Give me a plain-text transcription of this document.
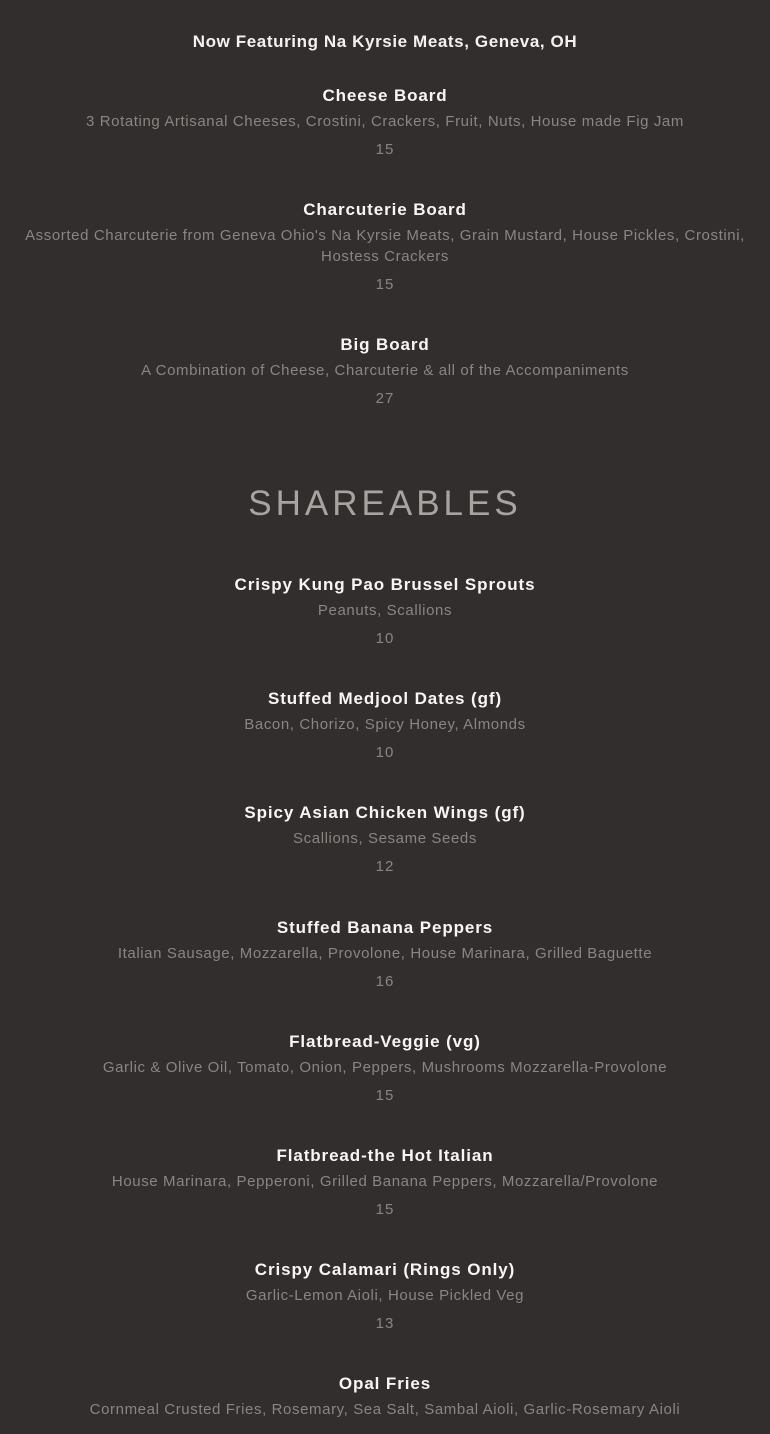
Now Featuring Na Kyrsie Meats, Geneva, OH

Cheese Board

3 Rotating Artisanal Cheeses, Crostini, Crackers, Fruit, Nuts, House made Fig Jam

15

Charcuterie Board

Assorted Charcuterie from Geneva Ohio's Na Kyrsie Meats, Grain Mustard, House Pickles, Crostini, Hostess Crackers

15

Big Board

A Combination of Cheese, Charcuterie & all of the Accompaniments

27

SHAREABLES

Crispy Kung Pao Brussel Sprouts

Peanuts, Scallions

10

Stuffed Medjool Dates (gf)

Bacon, Chorizo, Spicy Honey, Almonds

10

Spicy Asian Chicken Wings (gf)

Scallions, Sesame Seeds

12

Stuffed Banana Peppers

Italian Sausage, Mozzarella, Provolone, House Marinara, Grilled Baguette

16

Flatbread-Veggie (vg)

Garlic & Olive Oil, Tomato, Onion, Peppers, Mushrooms Mozzarella-Provolone

15

Flatbread-the Hot Italian

House Marinara, Pepperoni, Grilled Banana Peppers, Mozzarella/Provolone

15

Crispy Calamari (Rings Only)

Garlic-Lemon Aioli, House Pickled Veg

13

Opal Fries

Cornmeal Crusted Fries, Rosemary, Sea Salt, Sambal Aioli, Garlic-Rosemary Aioli
